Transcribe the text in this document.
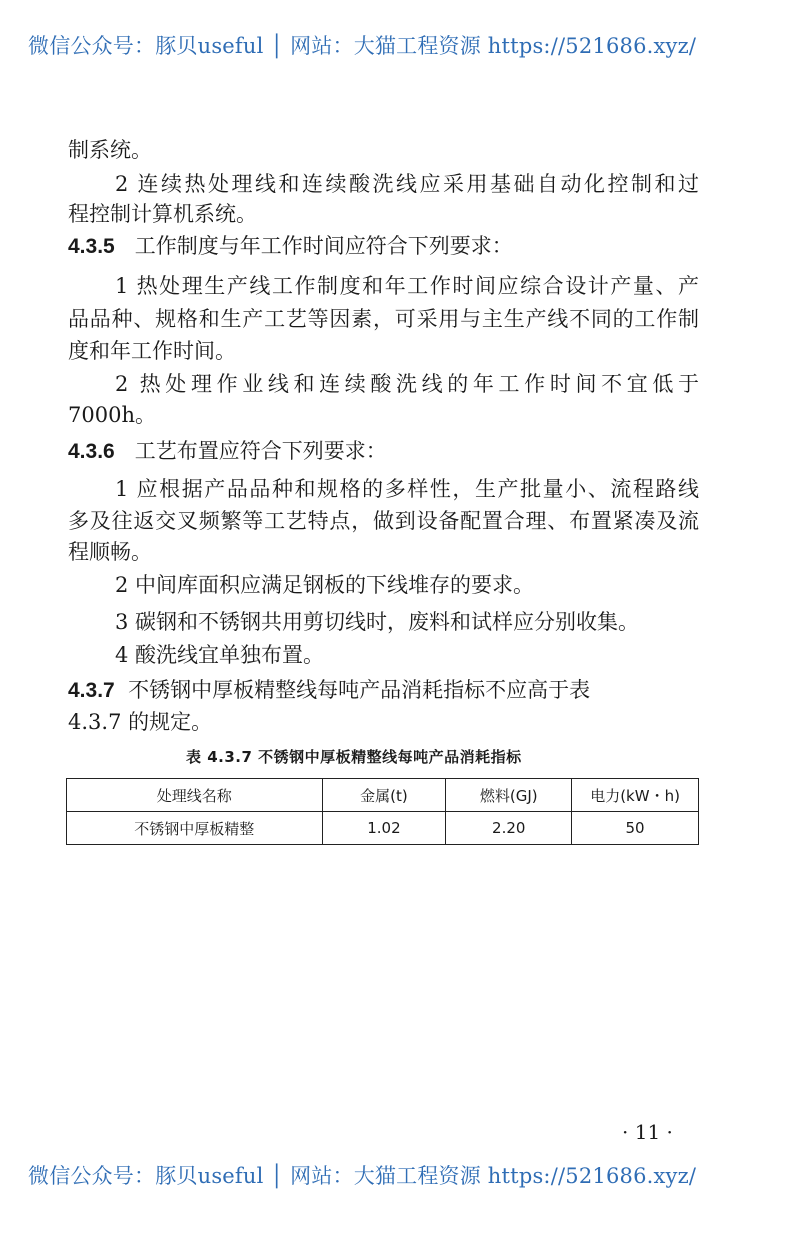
微信公众号：豚贝useful │ 网站：大猫工程资源 https://521686.xyz/
制系统。
2 连续热处理线和连续酸洗线应采用基础自动化控制和过
程控制计算机系统。
4.3.5 工作制度与年工作时间应符合下列要求：
1 热处理生产线工作制度和年工作时间应综合设计产量、产
品品种、规格和生产工艺等因素，可采用与主生产线不同的工作制
度和年工作时间。
2 热处理作业线和连续酸洗线的年工作时间不宜低于
7000h。
4.3.6 工艺布置应符合下列要求：
1 应根据产品品种和规格的多样性，生产批量小、流程路线
多及往返交叉频繁等工艺特点，做到设备配置合理、布置紧凑及流
程顺畅。
2 中间库面积应满足钢板的下线堆存的要求。
3 碳钢和不锈钢共用剪切线时，废料和试样应分别收集。
4 酸洗线宜单独布置。
4.3.7 不锈钢中厚板精整线每吨产品消耗指标不应高于表
4.3.7 的规定。
表 4.3.7 不锈钢中厚板精整线每吨产品消耗指标
处理线名称	金属(t)	燃料(GJ)	电力(kW・h)
不锈钢中厚板精整	1.02	2.20	50
· 11 ·
微信公众号：豚贝useful │ 网站：大猫工程资源 https://521686.xyz/
